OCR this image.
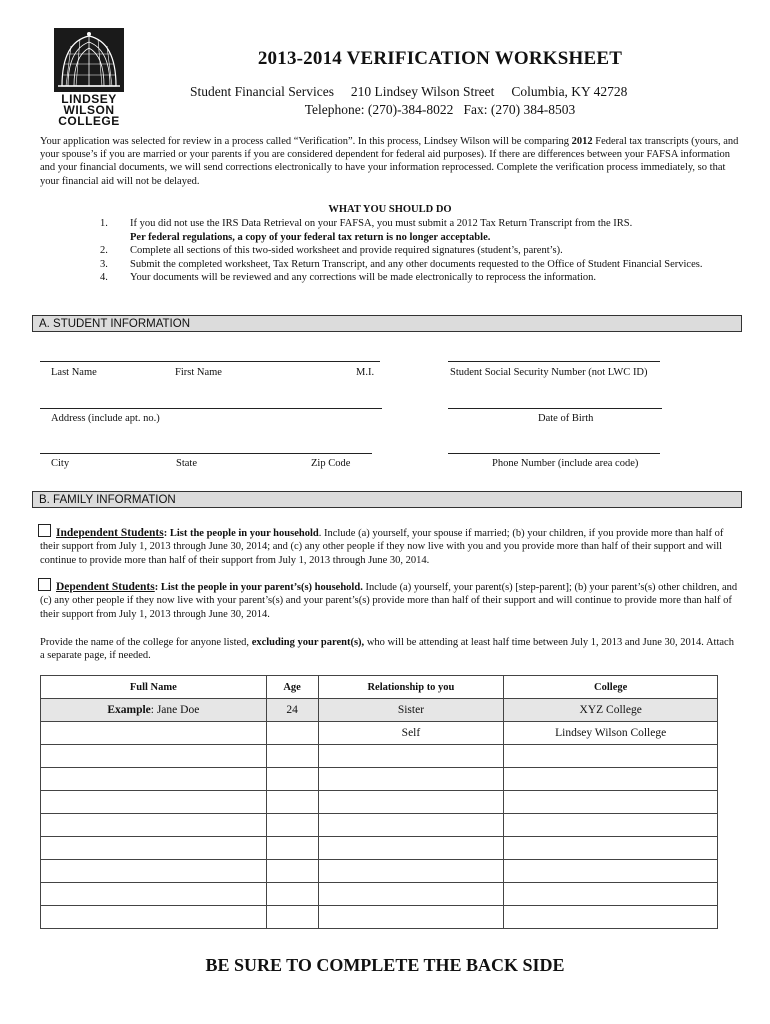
LINDSEY
WILSON
COLLEGE
2013-2014 VERIFICATION WORKSHEET
Student Financial Services 210 Lindsey Wilson Street Columbia, KY 42728
Telephone: (270)-384-8022   Fax: (270) 384-8503
Your application was selected for review in a process called “Verification”. In this process, Lindsey Wilson will be comparing 2012 Federal tax transcripts (yours, and your spouse’s if you are married or your parents if you are considered dependent for federal aid purposes). If there are differences between your FAFSA information and your financial documents, we will send corrections electronically to have your information reprocessed. Complete the verification process immediately, so that your financial aid will not be delayed.
WHAT YOU SHOULD DO
1.	If you did not use the IRS Data Retrieval on your FAFSA, you must submit a 2012 Tax Return Transcript from the IRS.
Per federal regulations, a copy of your federal tax return is no longer acceptable.
2.	Complete all sections of this two-sided worksheet and provide required signatures (student’s, parent’s).
3.	Submit the completed worksheet, Tax Return Transcript, and any other documents requested to the Office of Student Financial Services.
4.	Your documents will be reviewed and any corrections will be made electronically to reprocess the information.
A. STUDENT INFORMATION
Last Name	First Name	M.I.	Student Social Security Number (not LWC ID)
Address (include apt. no.)	Date of Birth
City	State	Zip Code	Phone Number (include area code)
B. FAMILY INFORMATION
Independent Students: List the people in your household. Include (a) yourself, your spouse if married; (b) your children, if you provide more than half of their support from July 1, 2013 through June 30, 2014; and (c) any other people if they now live with you and you provide more than half of their support and will continue to provide more than half of their support from July 1, 2013 through June 30, 2014.
Dependent Students: List the people in your parent’s(s) household. Include (a) yourself, your parent(s) [step-parent]; (b) your parent’s(s) other children, and (c) any other people if they now live with your parent’s(s) and your parent’s(s) provide more than half of their support and will continue to provide more than half of their support from July 1, 2013 through June 30, 2014.
Provide the name of the college for anyone listed, excluding your parent(s), who will be attending at least half time between July 1, 2013 and June 30, 2014. Attach a separate page, if needed.
Full Name	Age	Relationship to you	College
Example: Jane Doe	24	Sister	XYZ College
		Self	Lindsey Wilson College

BE SURE TO COMPLETE THE BACK SIDE
